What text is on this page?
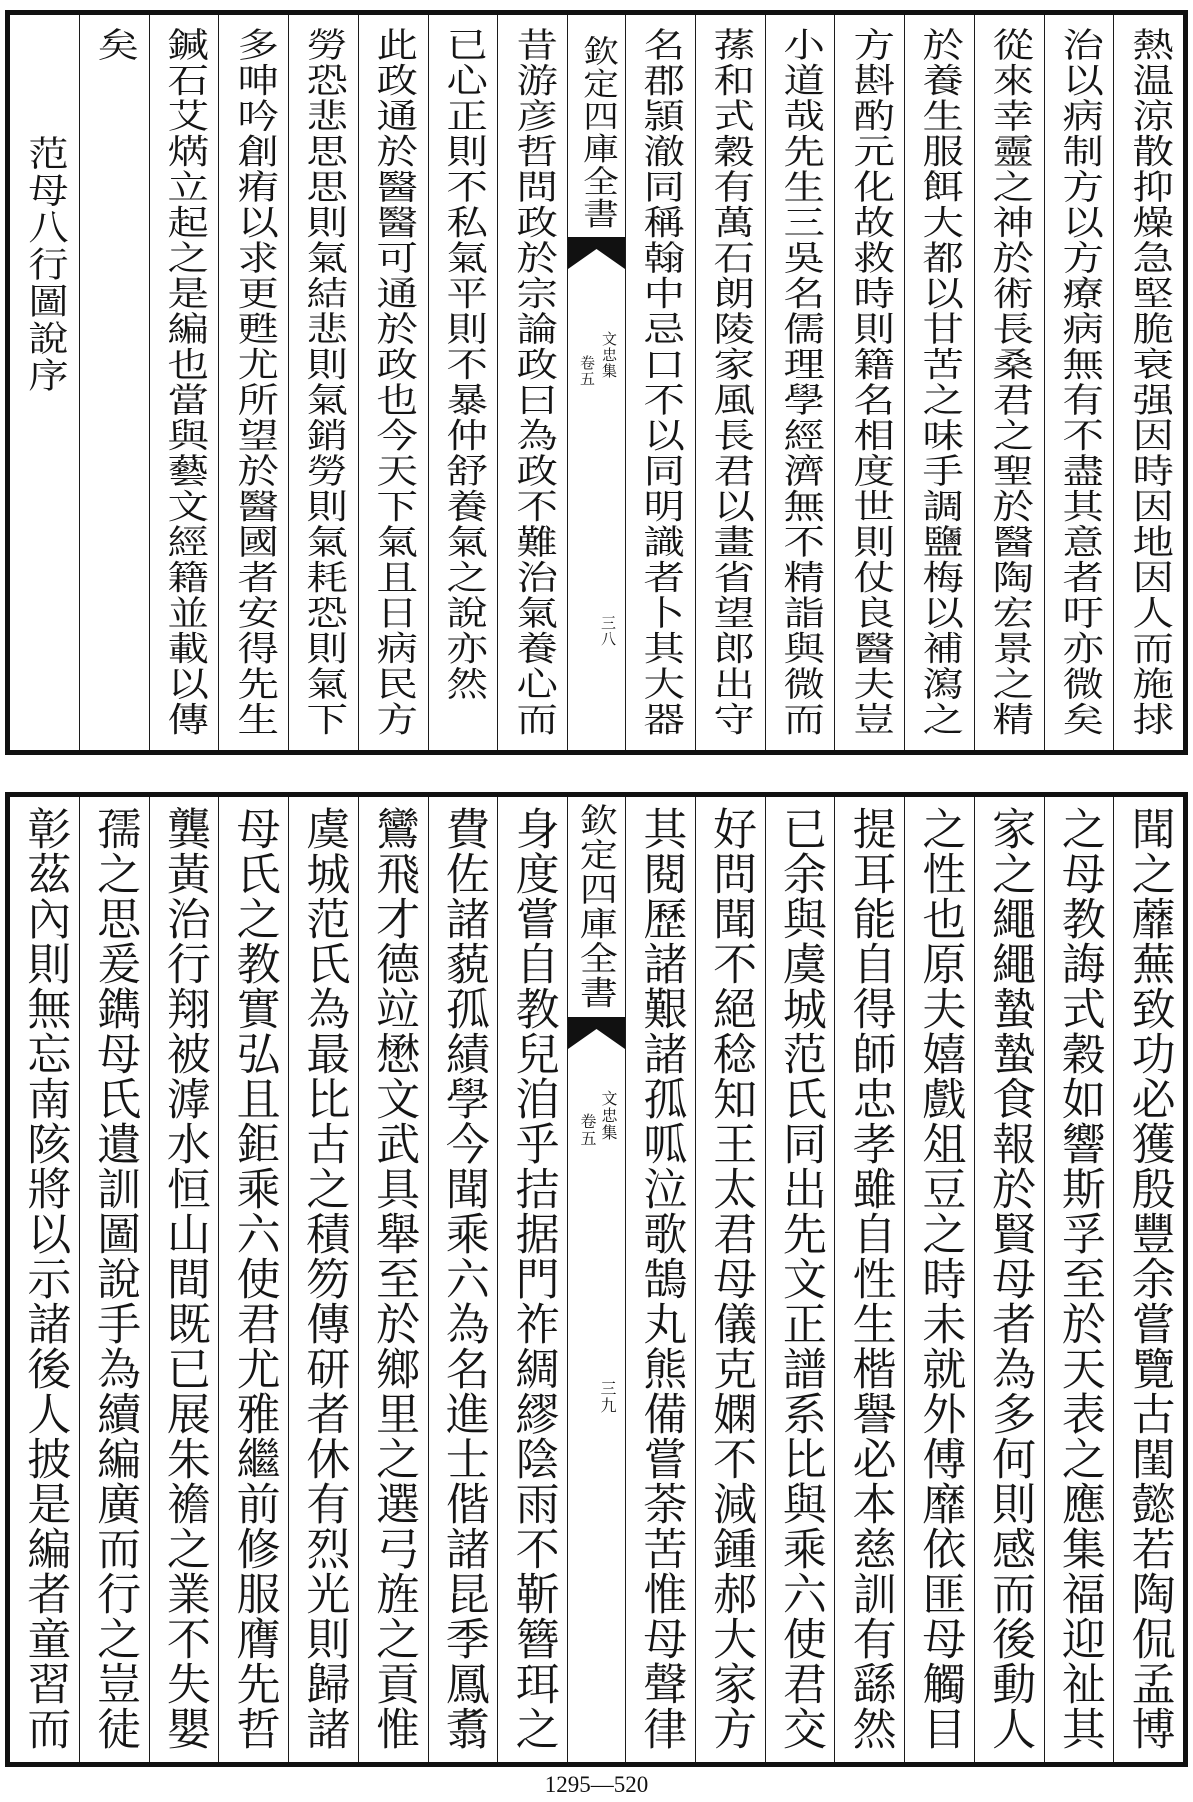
熱温涼散抑燥急堅脆衰强因時因地因人而施捄
治以病制方以方療病無有不盡其意者吁亦微矣
從來幸靈之神於術長桑君之聖於醫陶宏景之精
於養生服餌大都以甘苦之味手調鹽梅以補瀉之
方斟酌元化故救時則籍名相度世則仗良醫夫豈
小道哉先生三吳名儒理學經濟無不精詣與微而
蓀和式穀有萬石朗陵家風長君以畫省望郎出守
名郡頴澈同稱翰中忌口不以同明識者卜其大器
欽定四庫全書
文忠集
卷五
三八
昔游彦哲問政於宗論政曰為政不難治氣養心而
已心正則不私氣平則不暴仲舒養氣之說亦然
此政通於醫醫可通於政也今天下氣且日病民方
勞恐悲思思則氣結悲則氣銷勞則氣耗恐則氣下
多呻吟創痏以求更甦尤所望於醫國者安得先生
鍼石艾焫立起之是編也當與藝文經籍並載以傳
矣
范母八行圖說序
聞之蘼蕪致功必獲殷豐余嘗覽古閨懿若陶侃孟博
之母教誨式穀如響斯孚至於天表之應集福迎祉其
家之繩繩蟄蟄食報於賢母者為多何則感而後動人
之性也原夫嬉戲俎豆之時未就外傅靡依匪母觸目
提耳能自得師忠孝雖自性生楷譽必本慈訓有繇然
已余與虞城范氏同出先文正譜系比與乘六使君交
好問聞不絕稔知王太君母儀克嫻不減鍾郝大家方
其閱歷諸艱諸孤呱泣歌鵠丸熊備嘗荼苦惟母聲律
欽定四庫全書
文忠集
卷五
三九
身度嘗自教兒洎乎拮据門祚綢繆陰雨不靳簪珥之
費佐諸藐孤績學今聞乘六為名進士偕諸昆季鳳翥
鸞飛才德竝懋文武具舉至於鄉里之選弓旌之貢惟
虞城范氏為最比古之積笏傳研者休有烈光則歸諸
母氏之教實弘且鉅乘六使君尤雅繼前修服膺先哲
龔黃治行翔被滹水恒山間既已展朱襜之業不失嬰
孺之思爰鐫母氏遺訓圖說手為續編廣而行之豈徒
彰茲內則無忘南陔將以示諸後人披是編者童習而
1295—520
